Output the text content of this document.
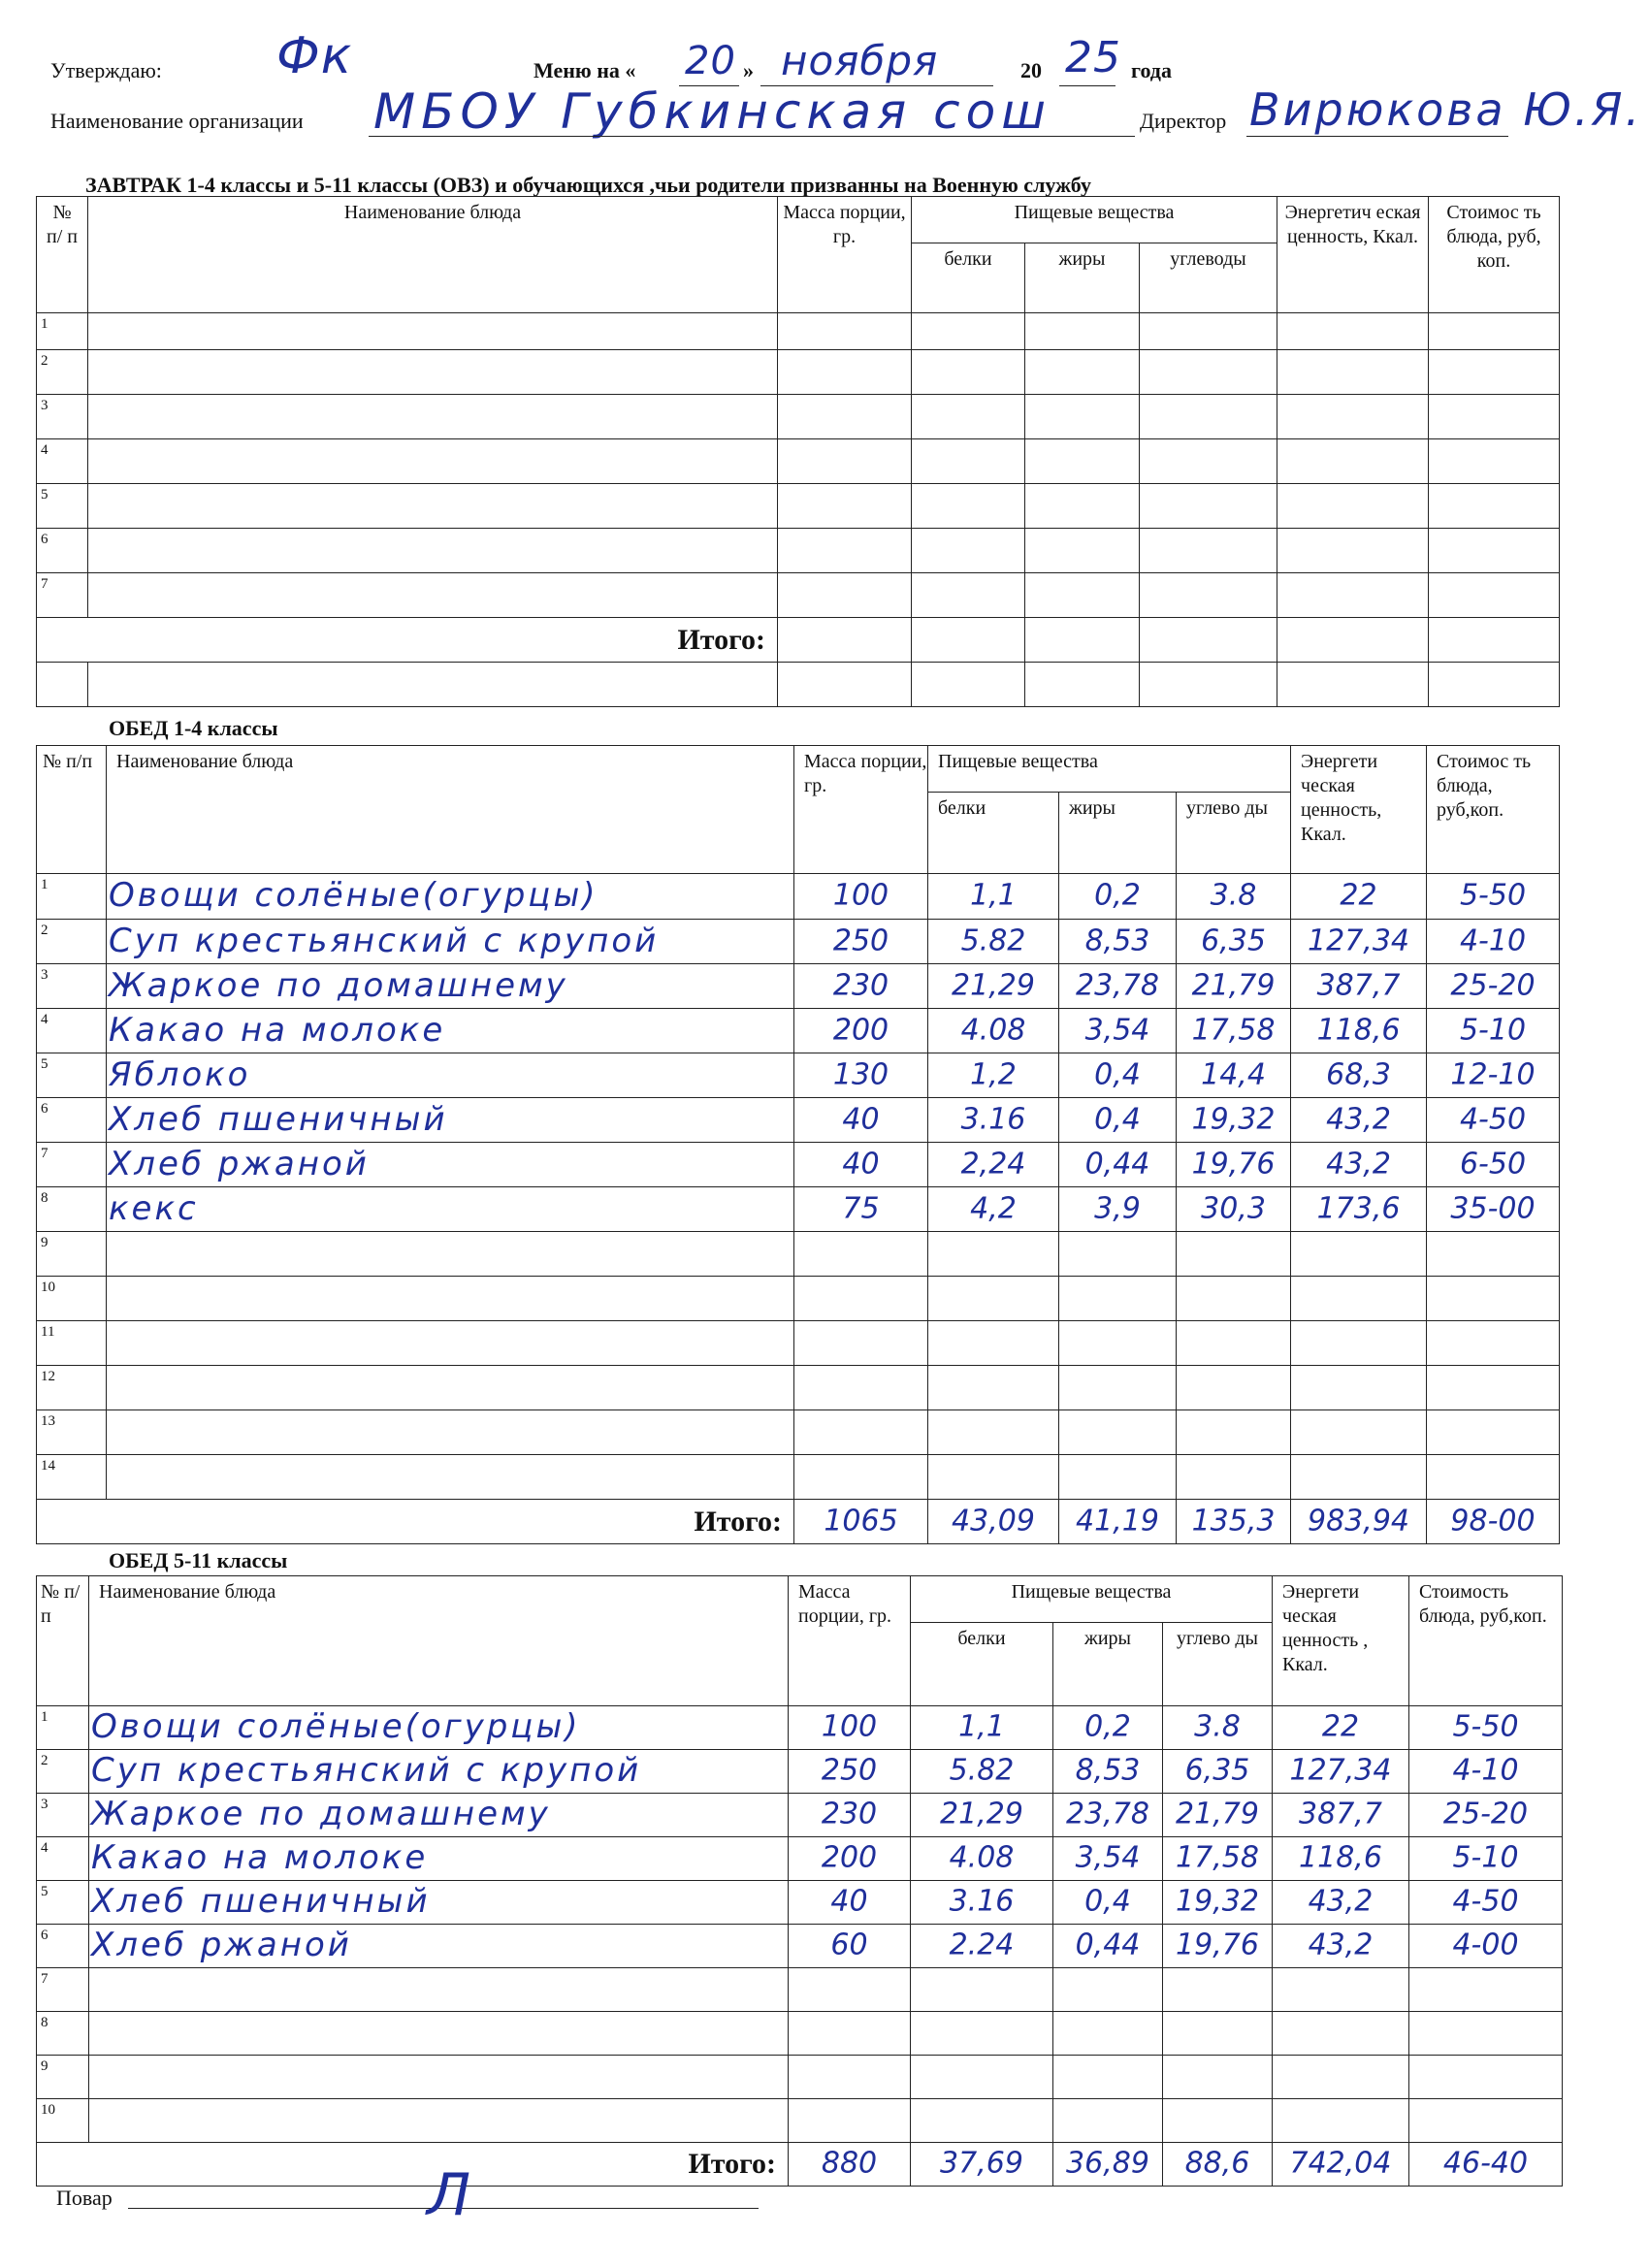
Утверждаю: Фк	Меню на « 20 » ноября	20 25 года
Наименование организации МБОУ Губкинская сош	Директор Вирюкова Ю.Я.
ЗАВТРАК 1-4 классы и 5-11 классы (ОВЗ) и обучающихся ,чьи родители призванны на Военную службу
№ п/ п	Наименование блюда	Масса порции, гр.	Пищевые вещества			Энергетич еская ценность, Ккал.	Стоимос ть блюда, руб, коп.
			белки	жиры	углеводы		
1							
2							
3							
4							
5							
6							
7							
Итого:							

ОБЕД 1-4 классы
№ п/п	Наименование блюда	Масса порции, гр.	Пищевые вещества			Энергети ческая ценность, Ккал.	Стоимос ть блюда, руб,коп.
			белки	жиры	углево ды		
1	Овощи солёные(огурцы)	100	1,1	0,2	3.8	22	5-50

2	Суп крестьянский с крупой	250	5.82	8,53	6,35	127,34	4-10

3	Жаркое по домашнему	230	21,29	23,78	21,79	387,7	25-20

4	Какао на молоке	200	4.08	3,54	17,58	118,6	5-10

5	Яблоко	130	1,2	0,4	14,4	68,3	12-10

6	Хлеб пшеничный	40	3.16	0,4	19,32	43,2	4-50

7	Хлеб ржаной	40	2,24	0,44	19,76	43,2	6-50

8	кекс	75	4,2	3,9	30,3	173,6	35-00

9							
10							
11							
12							
13							
14							
Итого:		1065	43,09	41,19	135,3	983,94	98-00
ОБЕД 5-11 классы
№ п/ п	Наименование блюда	Масса порции, гр.	Пищевые вещества			Энергети ческая ценность , Ккал.	Стоимость блюда, руб,коп.
			белки	жиры	углево ды		
1	Овощи солёные(огурцы)	100	1,1	0,2	3.8	22	5-50

2	Суп крестьянский с крупой	250	5.82	8,53	6,35	127,34	4-10

3	Жаркое по домашнему	230	21,29	23,78	21,79	387,7	25-20

4	Какао на молоке	200	4.08	3,54	17,58	118,6	5-10

5	Хлеб пшеничный	40	3.16	0,4	19,32	43,2	4-50

6	Хлеб ржаной	60	2.24	0,44	19,76	43,2	4-00

7							
8							
9							
10							
Итого:		880	37,69	36,89	88,6	742,04	46-40
Повар	Л
